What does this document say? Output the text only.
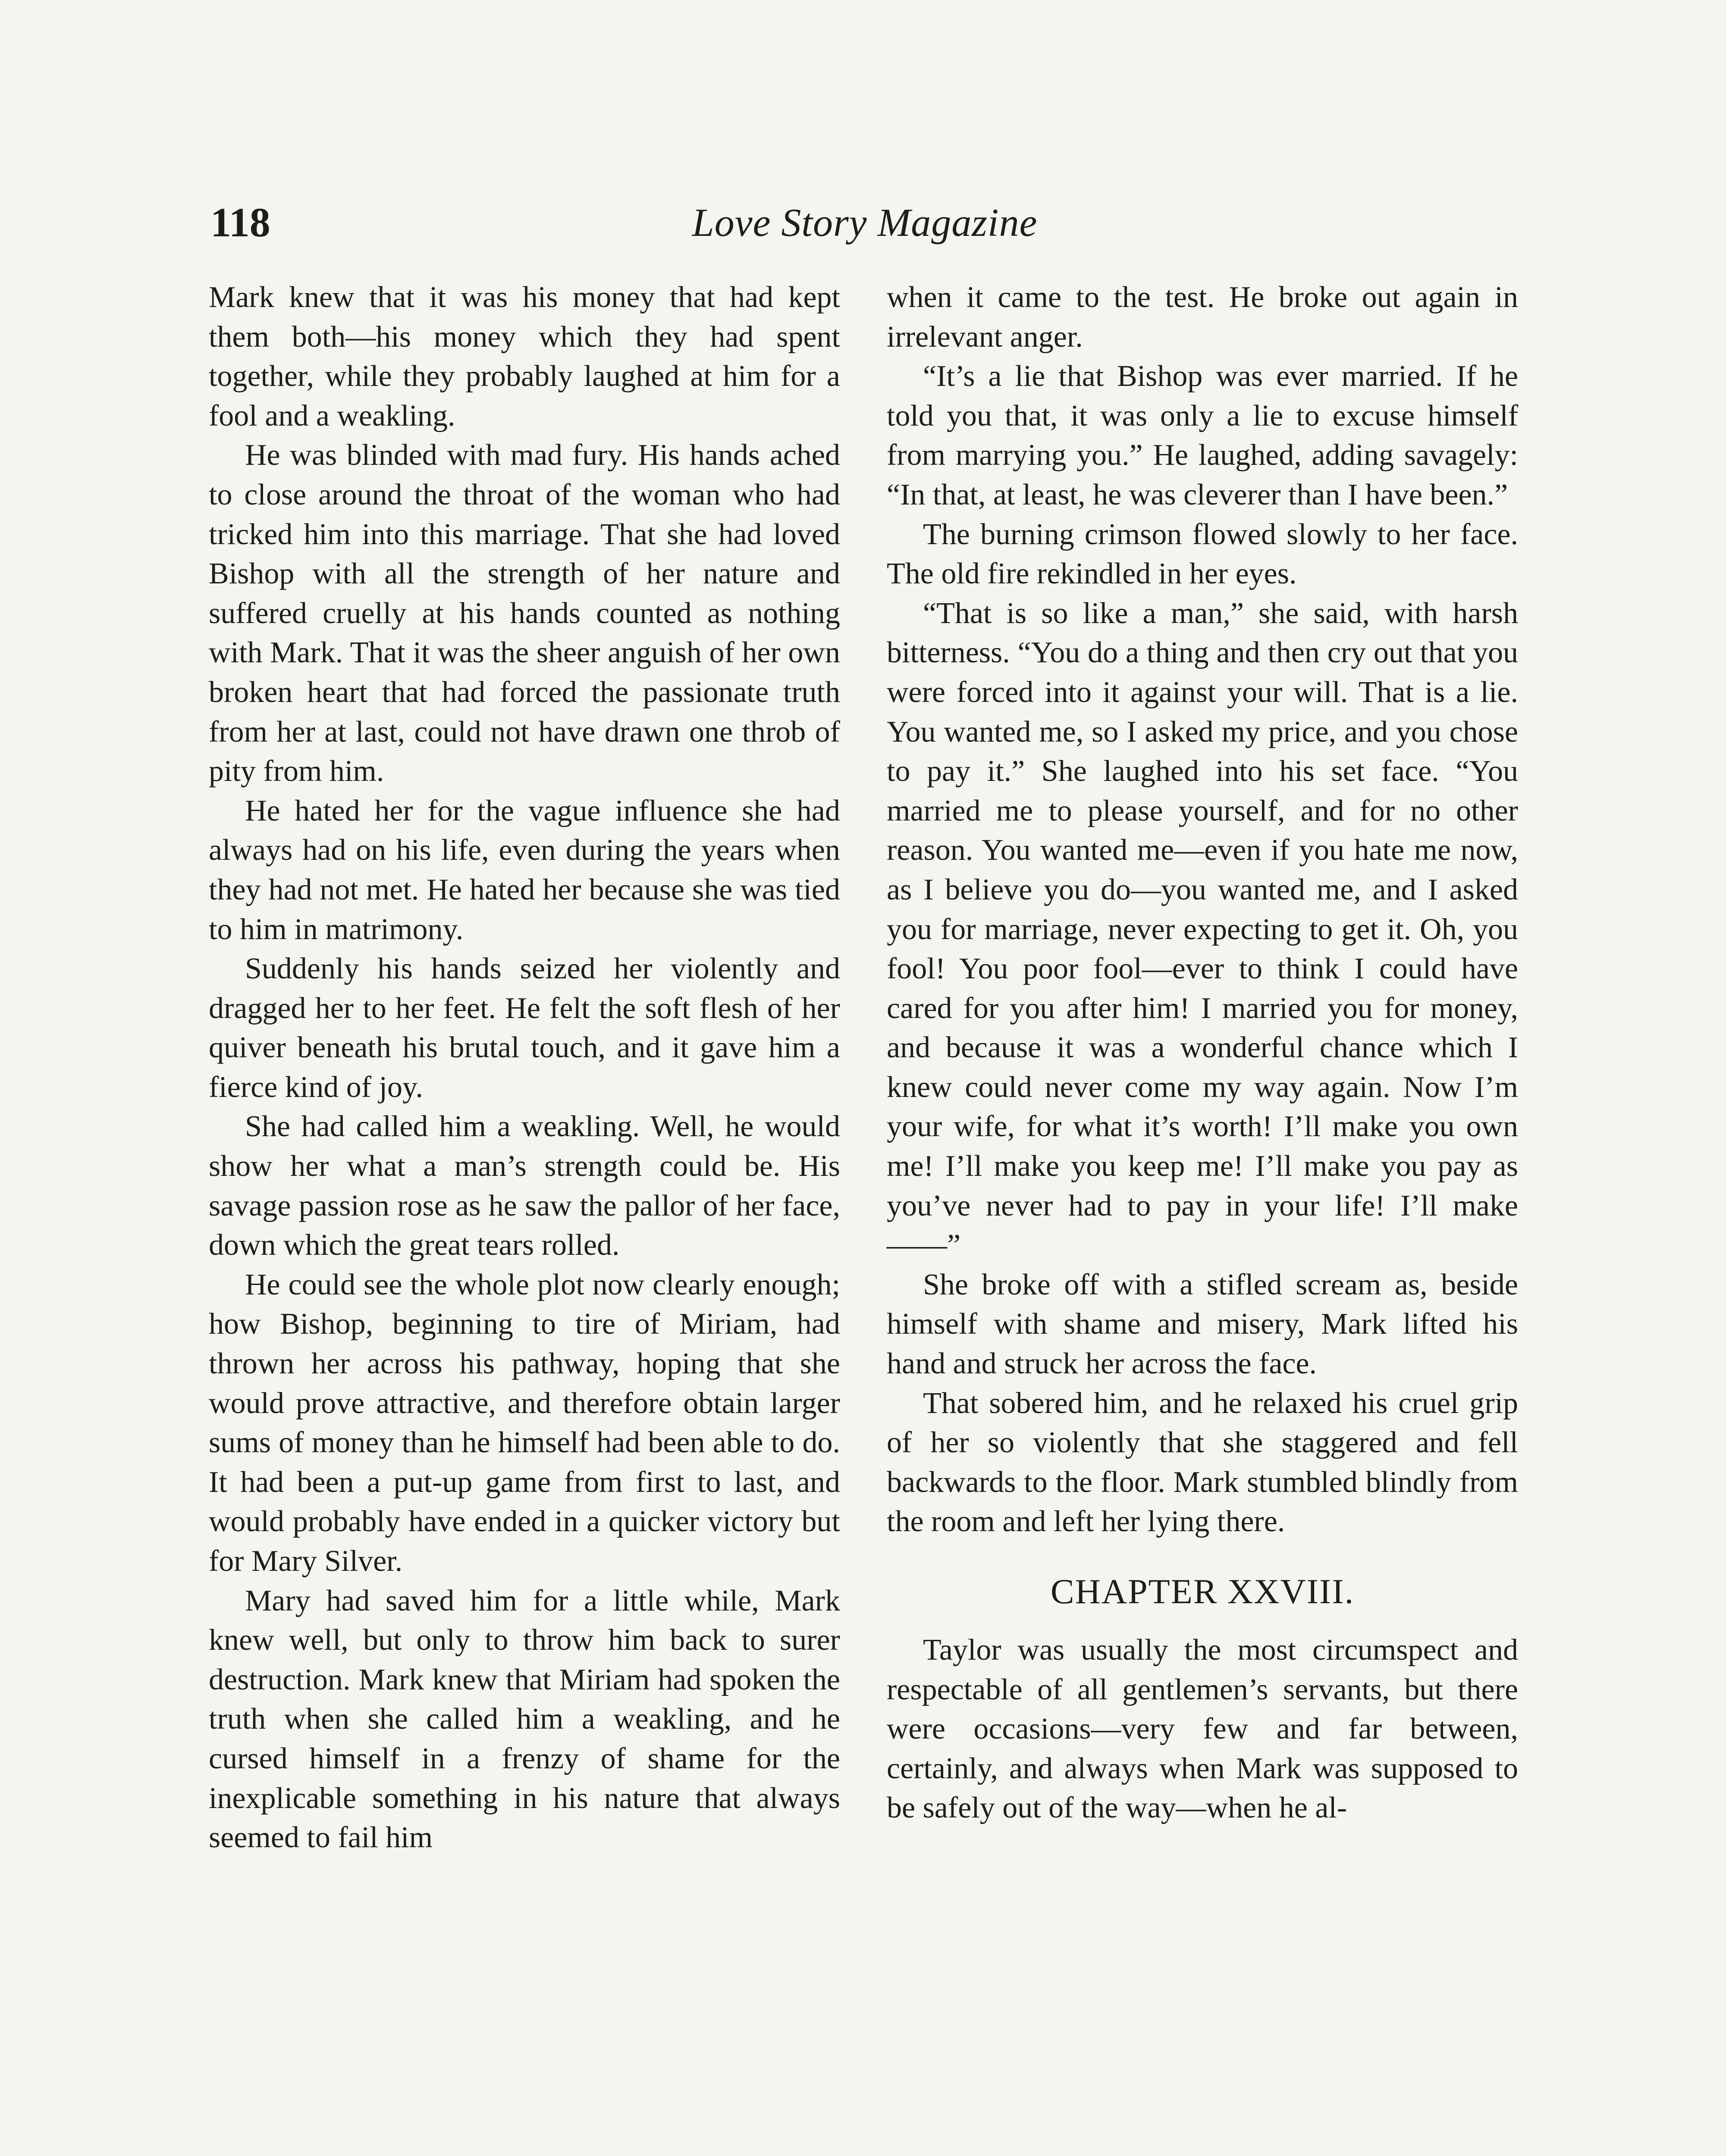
118	Love Story Magazine

Mark knew that it was his money that had kept them both—his money which they had spent together, while they probably laughed at him for a fool and a weakling.

He was blinded with mad fury. His hands ached to close around the throat of the woman who had tricked him into this marriage. That she had loved Bishop with all the strength of her nature and suffered cruelly at his hands counted as nothing with Mark. That it was the sheer anguish of her own broken heart that had forced the passionate truth from her at last, could not have drawn one throb of pity from him.

He hated her for the vague influence she had always had on his life, even during the years when they had not met. He hated her because she was tied to him in matrimony.

Suddenly his hands seized her violently and dragged her to her feet. He felt the soft flesh of her quiver beneath his brutal touch, and it gave him a fierce kind of joy.

She had called him a weakling. Well, he would show her what a man’s strength could be. His savage passion rose as he saw the pallor of her face, down which the great tears rolled.

He could see the whole plot now clearly enough; how Bishop, beginning to tire of Miriam, had thrown her across his pathway, hoping that she would prove attractive, and therefore obtain larger sums of money than he himself had been able to do. It had been a put-up game from first to last, and would probably have ended in a quicker victory but for Mary Silver.

Mary had saved him for a little while, Mark knew well, but only to throw him back to surer destruction. Mark knew that Miriam had spoken the truth when she called him a weakling, and he cursed himself in a frenzy of shame for the inexplicable something in his nature that always seemed to fail him

when it came to the test. He broke out again in irrelevant anger.

“It’s a lie that Bishop was ever married. If he told you that, it was only a lie to excuse himself from marrying you.” He laughed, adding savagely: “In that, at least, he was cleverer than I have been.”

The burning crimson flowed slowly to her face. The old fire rekindled in her eyes.

“That is so like a man,” she said, with harsh bitterness. “You do a thing and then cry out that you were forced into it against your will. That is a lie. You wanted me, so I asked my price, and you chose to pay it.” She laughed into his set face. “You married me to please yourself, and for no other reason. You wanted me—even if you hate me now, as I believe you do—you wanted me, and I asked you for marriage, never expecting to get it. Oh, you fool! You poor fool—ever to think I could have cared for you after him! I married you for money, and because it was a wonderful chance which I knew could never come my way again. Now I’m your wife, for what it’s worth! I’ll make you own me! I’ll make you keep me! I’ll make you pay as you’ve never had to pay in your life! I’ll make——”

She broke off with a stifled scream as, beside himself with shame and misery, Mark lifted his hand and struck her across the face.

That sobered him, and he relaxed his cruel grip of her so violently that she staggered and fell backwards to the floor. Mark stumbled blindly from the room and left her lying there.

CHAPTER XXVIII.

Taylor was usually the most circumspect and respectable of all gentlemen’s servants, but there were occasions—very few and far between, certainly, and always when Mark was supposed to be safely out of the way—when he al-
